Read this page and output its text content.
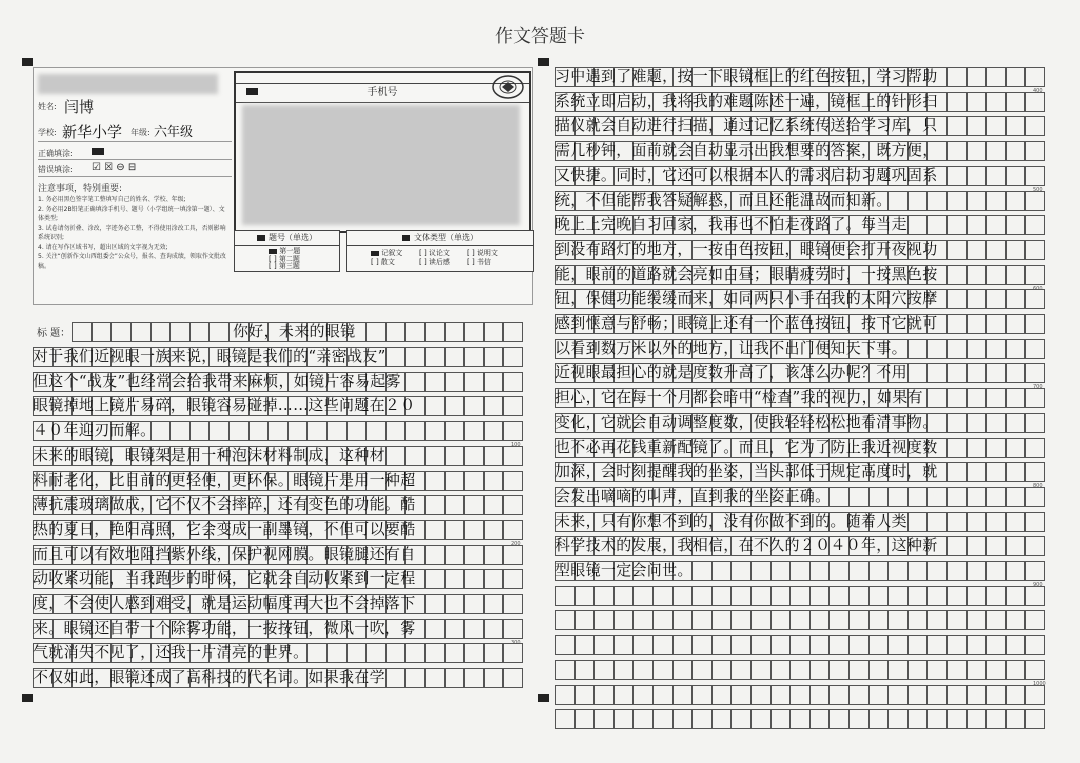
作文答题卡
姓名: 闫博
学校: 新华小学 年级: 六年级
正确填涂:
错误填涂: ☑ ☒ ⊖ ⊟
注意事项，特别重要:
1. 务必用黑色签字笔工整填写自己的姓名、学校、年级;
2. 务必用2B铅笔正确填涂手机号、题号（小学组统一填涂第一题）、文体类型;
3. 试卷请勿折叠、涂改，字迹务必工整，不得使用涂改工具，否则影响系统识别;
4. 请在写作区域书写，超出区域的文字视为无效;
5. 关注“创新作文山西组委会”公众号，报名、查询成绩，领取作文批改稿。
手机号
题号（单选）
第一题
[ ] 第二题
[ ] 第三题
文体类型（单选）
记叙文	[ ] 议论文	[ ] 说明文
[ ] 散文	[ ] 读后感	[ ] 书信
标 题：	你好，未来的眼镜
对于我们近视眼一族来说，眼镜是我们的“亲密战友”
但这个“战友”也经常会给我带来麻烦，如镜片容易起雾
眼镜掉地上镜片易碎，眼镜容易碰掉……这些问题在２０
４０年迎刃而解。
100
未来的眼镜，眼镜架是用一种泡沫材料制成，这种材
料耐老化，比目前的更轻便，更环保。眼镜片是用一种超
薄抗震玻璃做成，它不仅不会摔碎，还有变色的功能。酷
热的夏日，艳阳高照，它会变成一副墨镜，不但可以要酷
200
而且可以有效地阻挡紫外线，保护视网膜。眼镜腿还有自
动收紧功能，当我跑步的时候，它就会自动收紧到一定程
度，不会使人感到难受，就是运动幅度再大也不会掉落下
来。眼镜还自带一个除雾功能，一按按钮，微风一吹，雾
300
气就消失不见了，还我一片清亮的世界。
不仅如此，眼镜还成了高科技的代名词。如果我在学
习中遇到了难题，按一下眼镜框上的红色按钮，学习帮助
400
系统立即启动，我将我的难题陈述一遍，镜框上的针形扫
描仪就会自动进行扫描，通过记忆系统传送给学习库，只
需几秒钟，面前就会自动显示出我想要的答案，既方便，
又快捷。同时，它还可以根据本人的需求启动习题巩固系
500
统，不但能帮我答疑解惑，而且还能温故而知新。
晚上上完晚自习回家，我再也不怕走夜路了。每当走
到没有路灯的地方，一按白色按钮，眼镜便会打开夜视功
能，眼前的道路就会亮如白昼；眼睛疲劳时，一按黑色按
600
钮，保健功能缓缓而来，如同两只小手在我的太阳穴按摩
感到惬意与舒畅；眼镜上还有一个蓝色按钮，按下它就可
以看到数万米以外的地方，让我不出门便知天下事。
近视眼最担心的就是度数升高了，该怎么办呢？不用
700
担心，它在每一个月都会暗中“检查”我的视力，如果有
变化，它就会自动调整度数，使我轻轻松松地看清事物。
也不必再花钱重新配镜了。而且，它为了防止我近视度数
加深，会时刻提醒我的坐姿，当头部低于规定高度时，就
800
会发出嘀嘀的叫声，直到我的坐姿正确。
未来，只有你想不到的，没有你做不到的。随着人类
科学技术的发展，我相信，在不久的２０４０年，这种新
型眼镜一定会问世。
900
1000
